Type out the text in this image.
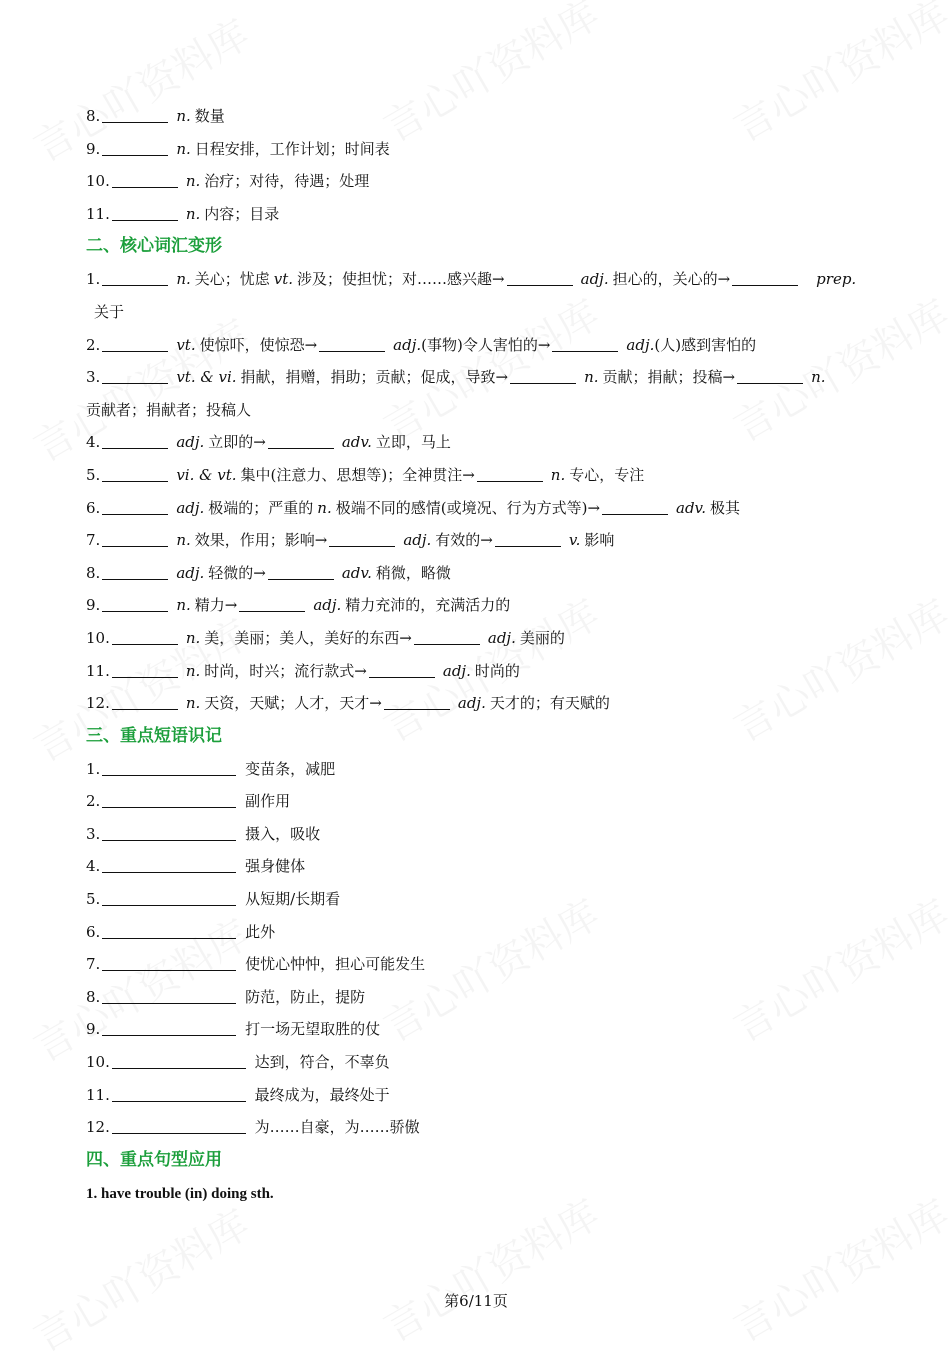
8.	n. 数量
9.	n. 日程安排，工作计划；时间表
10.	n. 治疗；对待，待遇；处理
11.	n. 内容；目录
二、核心词汇变形
1.	n. 关心；忧虑 vt. 涉及；使担忧；对……感兴趣→	adj. 担心的，关心的→	prep.
关于
2.	vt. 使惊吓，使惊恐→	adj.(事物)令人害怕的→	adj.(人)感到害怕的
3.	vt. & vi. 捐献，捐赠，捐助；贡献；促成，导致→	n. 贡献；捐献；投稿→	n.
贡献者；捐献者；投稿人
4.	adj. 立即的→	adv. 立即，马上
5.	vi. & vt. 集中(注意力、思想等)；全神贯注→	n. 专心，专注
6.	adj. 极端的；严重的 n. 极端不同的感情(或境况、行为方式等)→	adv. 极其
7.	n. 效果，作用；影响→	adj. 有效的→	v. 影响
8.	adj. 轻微的→	adv. 稍微，略微
9.	n. 精力→	adj. 精力充沛的，充满活力的
10.	n. 美，美丽；美人，美好的东西→	adj. 美丽的
11.	n. 时尚，时兴；流行款式→	adj. 时尚的
12.	n. 天资，天赋；人才，天才→	adj. 天才的；有天赋的
三、重点短语识记
1.	变苗条，减肥
2.	副作用
3.	摄入，吸收
4.	强身健体
5.	从短期/长期看
6.	此外
7.	使忧心忡忡，担心可能发生
8.	防范，防止，提防
9.	打一场无望取胜的仗
10.	达到，符合，不辜负
11.	最终成为，最终处于
12.	为……自豪，为……骄傲
四、重点句型应用
1. have trouble (in) doing sth.
第6/11页
